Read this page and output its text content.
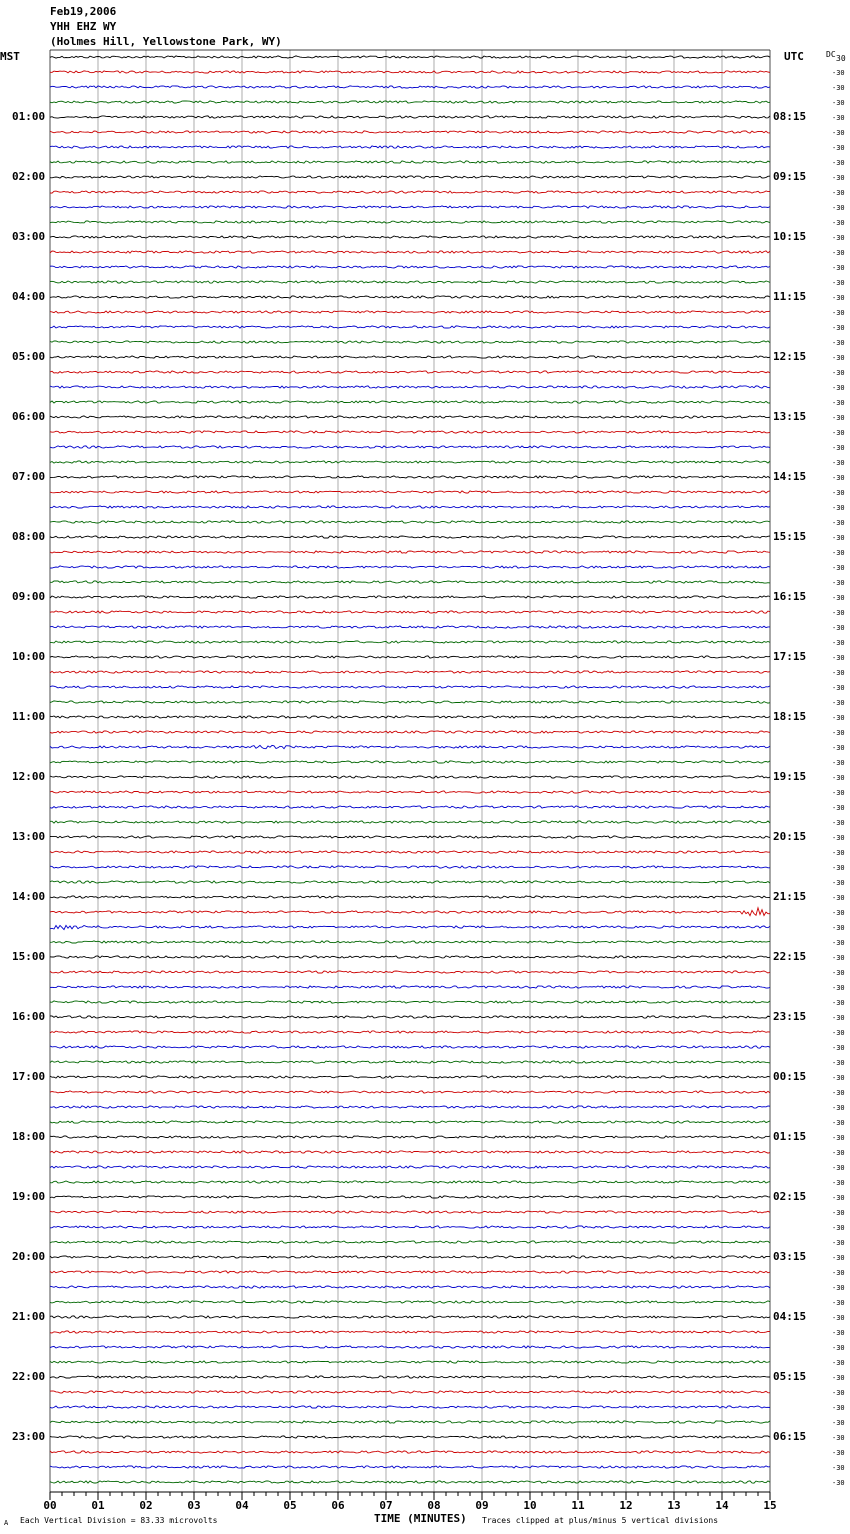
00	01	02	03	04	05	06	07	08	09	10	11	12	13	14	15
-30
-30
-30
-30
-30
-30
-30
-30
-30
-30
-30
-30
-30
-30
-30
-30
-30
-30
-30
-30
-30
-30
-30
-30
-30
-30
-30
-30
-30
-30
-30
-30
-30
-30
-30
-30
-30
-30
-30
-30
-30
-30
-30
-30
-30
-30
-30
-30
-30
-30
-30
-30
-30
-30
-30
-30
-30
-30
-30
-30
-30
-30
-30
-30
-30
-30
-30
-30
-30
-30
-30
-30
-30
-30
-30
-30
-30
-30
-30
-30
-30
-30
-30
-30
-30
-30
-30
-30
-30
-30
-30
-30
-30
-30
-30
Feb19,2006
YHH EHZ WY
(Holmes Hill, Yellowstone Park, WY)
MST	UTC	DC 30
01:00
02:00
03:00
04:00
05:00
06:00
07:00
08:00
09:00
10:00
11:00
12:00
13:00
14:00
15:00
16:00
17:00
18:00
19:00
20:00
21:00
22:00
23:00
08:15
09:15
10:15
11:15
12:15
13:15
14:15
15:15
16:15
17:15
18:15
19:15
20:15
21:15
22:15
23:15
00:15
01:15
02:15
03:15
04:15
05:15
06:15
A Each Vertical Division = 83.33 microvolts	TIME (MINUTES) Traces clipped at plus/minus 5 vertical divisions
